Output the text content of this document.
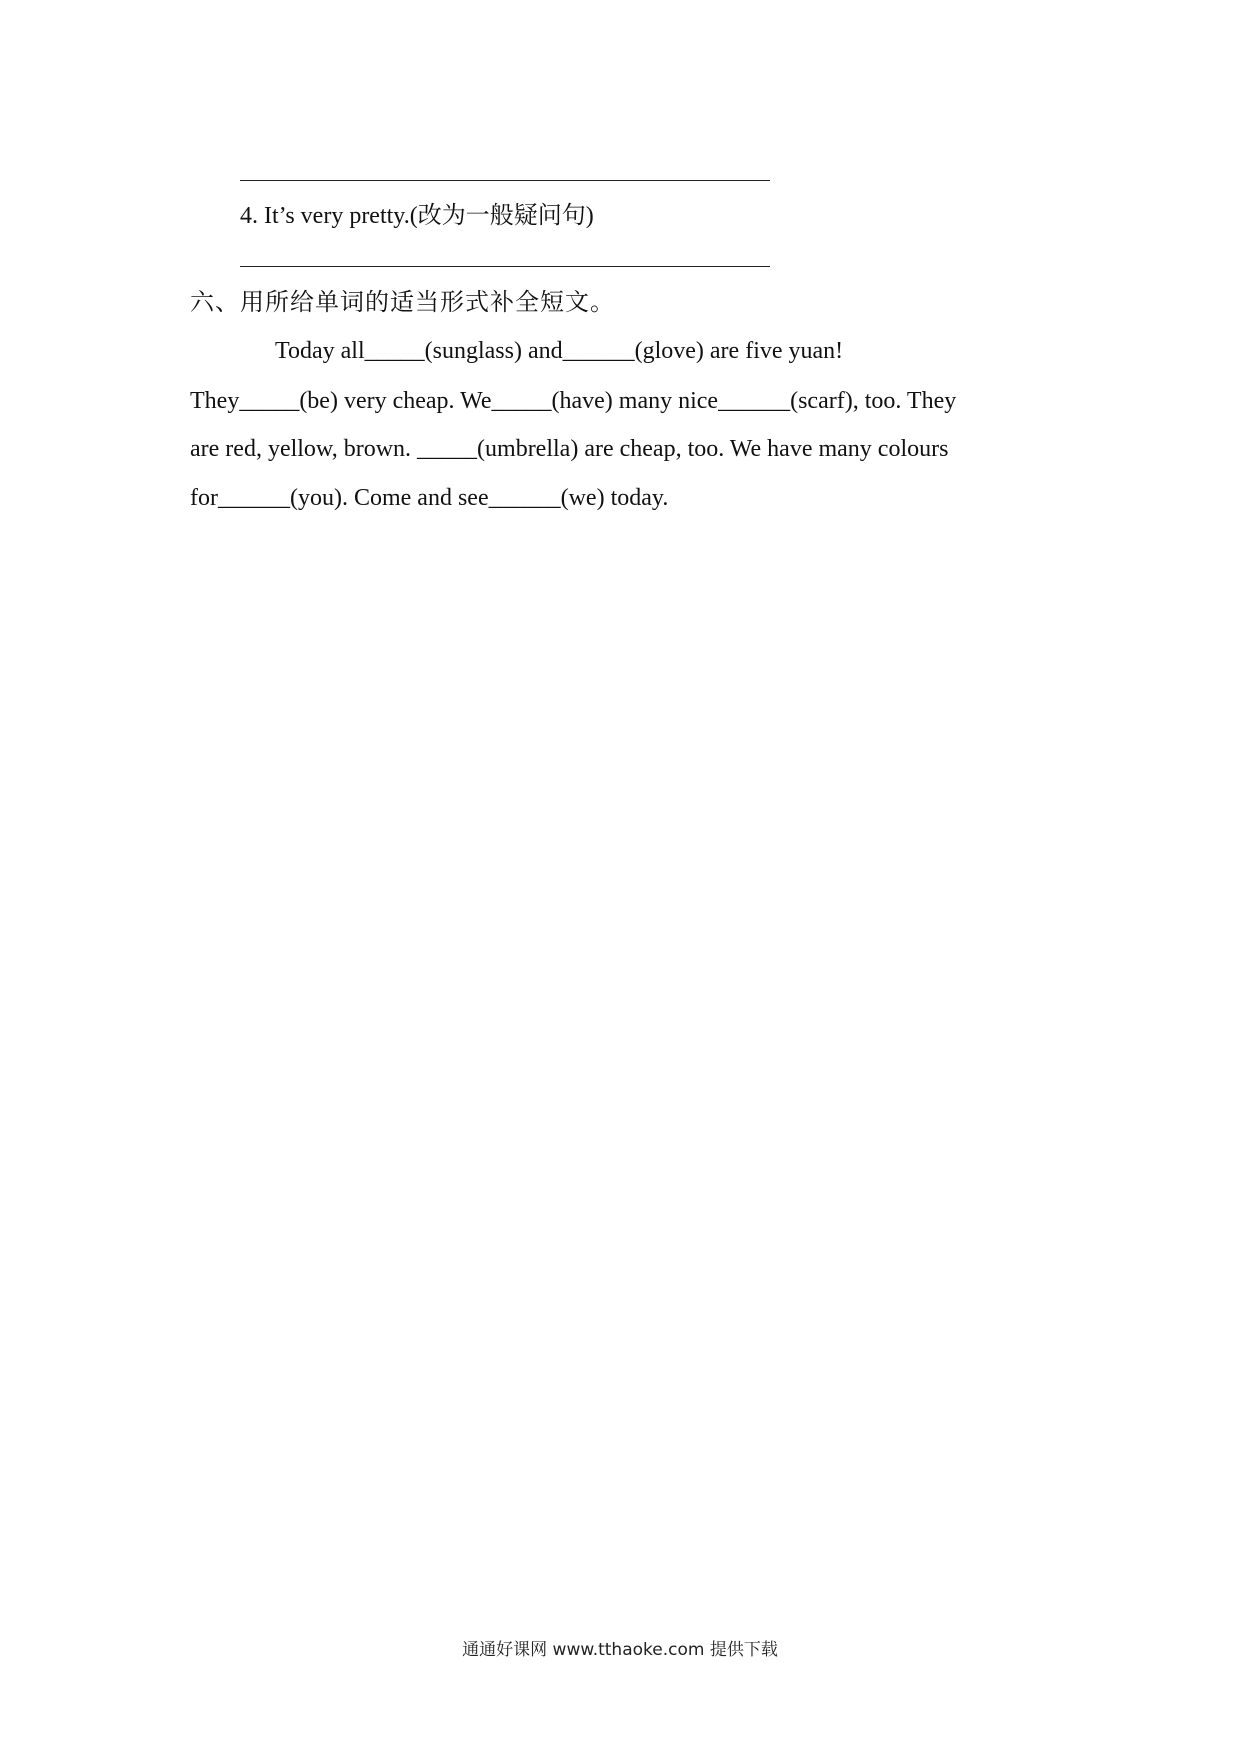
4. It’s very pretty.(改为一般疑问句)
六、用所给单词的适当形式补全短文。
Today all_____(sunglass) and______(glove) are five yuan!
They_____(be) very cheap. We_____(have) many nice______(scarf), too. They
are red, yellow, brown. _____(umbrella) are cheap, too. We have many colours
for______(you). Come and see______(we) today.
通通好课网 www.tthaoke.com 提供下载
